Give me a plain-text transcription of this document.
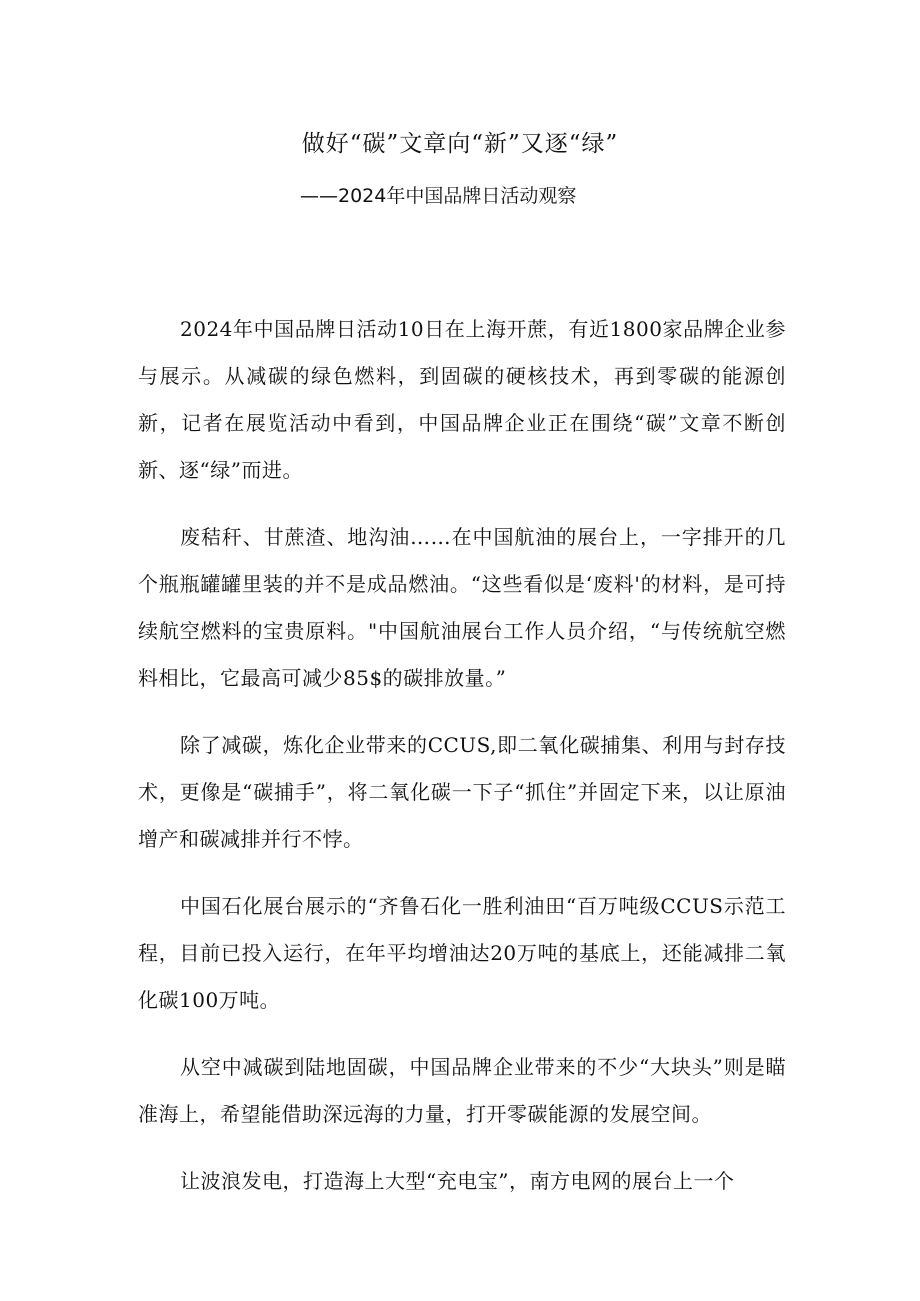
做好“碳”文章向“新”又逐“绿”

——2024年中国品牌日活动观察

2024年中国品牌日活动10日在上海开蔗，有近1800家品牌企业参与展示。从减碳的绿色燃料，到固碳的硬核技术，再到零碳的能源创新，记者在展览活动中看到，中国品牌企业正在围绕“碳”文章不断创新、逐“绿”而进。

废秸秆、甘蔗渣、地沟油……在中国航油的展台上，一字排开的几个瓶瓶罐罐里装的并不是成品燃油。“这些看似是‘废料'的材料，是可持续航空燃料的宝贵原料。"中国航油展台工作人员介绍，“与传统航空燃料相比，它最高可减少85$的碳排放量。”

除了减碳，炼化企业带来的CCUS,即二氧化碳捕集、利用与封存技术，更像是“碳捕手”，将二氧化碳一下子“抓住”并固定下来，以让原油增产和碳减排并行不悖。

中国石化展台展示的“齐鲁石化一胜利油田“百万吨级CCUS示范工程，目前已投入运行，在年平均增油达20万吨的基底上，还能减排二氧化碳100万吨。

从空中减碳到陆地固碳，中国品牌企业带来的不少“大块头”则是瞄准海上，希望能借助深远海的力量，打开零碳能源的发展空间。

让波浪发电，打造海上大型“充电宝”，南方电网的展台上一个
